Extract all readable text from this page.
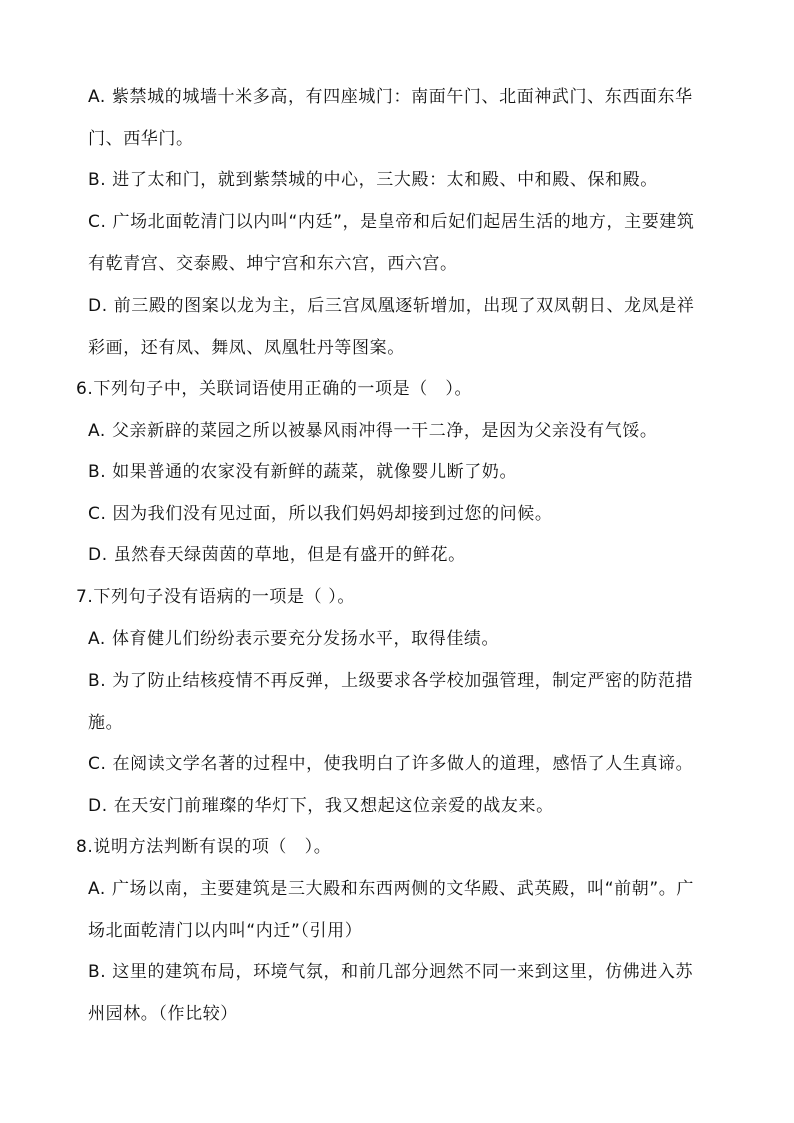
A. 紫禁城的城墙十米多高，有四座城门：南面午门、北面神武门、东西面东华
门、西华门。
B. 进了太和门，就到紫禁城的中心，三大殿：太和殿、中和殿、保和殿。
C. 广场北面乾清门以内叫“内廷”，是皇帝和后妃们起居生活的地方，主要建筑
有乾青宫、交泰殿、坤宁宫和东六宫，西六宫。
D. 前三殿的图案以龙为主，后三宫凤凰逐斩增加，出现了双凤朝日、龙凤是祥
彩画，还有凤、舞凤、凤凰牡丹等图案。
6.下列句子中，关联词语使用正确的一项是（　）。
A. 父亲新辟的菜园之所以被暴风雨冲得一干二净，是因为父亲没有气馁。
B. 如果普通的农家没有新鲜的蔬菜，就像婴儿断了奶。
C. 因为我们没有见过面，所以我们妈妈却接到过您的问候。
D. 虽然春天绿茵茵的草地，但是有盛开的鲜花。
7.下列句子没有语病的一项是（ ）。
A. 体育健儿们纷纷表示要充分发扬水平，取得佳绩。
B. 为了防止结核疫情不再反弹，上级要求各学校加强管理，制定严密的防范措
施。
C. 在阅读文学名著的过程中，使我明白了许多做人的道理，感悟了人生真谛。
D. 在天安门前璀璨的华灯下，我又想起这位亲爱的战友来。
8.说明方法判断有误的项（　）。
A. 广场以南，主要建筑是三大殿和东西两侧的文华殿、武英殿，叫“前朝”。广
场北面乾清门以内叫“内迁”（引用）
B. 这里的建筑布局，环境气氛，和前几部分迥然不同一来到这里，仿佛进入苏
州园林。（作比较）
